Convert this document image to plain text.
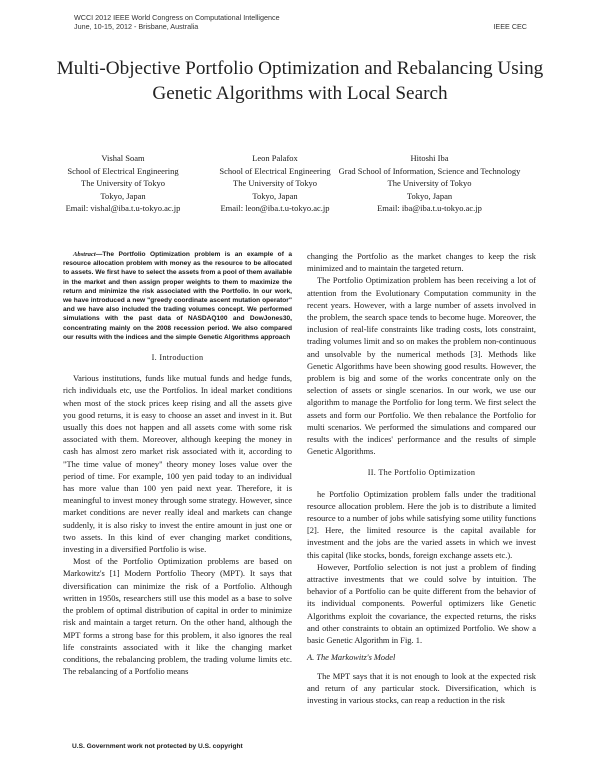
WCCI 2012 IEEE World Congress on Computational Intelligence
June, 10-15, 2012 - Brisbane, Australia	IEEE CEC
Multi-Objective Portfolio Optimization and Rebalancing Using Genetic Algorithms with Local Search
Vishal Soam
School of Electrical Engineering
The University of Tokyo
Tokyo, Japan
Email: vishal@iba.t.u-tokyo.ac.jp
Leon Palafox
School of Electrical Engineering
The University of Tokyo
Tokyo, Japan
Email: leon@iba.t.u-tokyo.ac.jp
Hitoshi Iba
Grad School of Information, Science and Technology
The University of Tokyo
Tokyo, Japan
Email: iba@iba.t.u-tokyo.ac.jp

Abstract—The Portfolio Optimization problem is an example of a resource allocation problem with money as the resource to be allocated to assets. We first have to select the assets from a pool of them available in the market and then assign proper weights to them to maximize the return and minimize the risk associated with the Portfolio. In our work, we have introduced a new "greedy coordinate ascent mutation operator" and we have also included the trading volumes concept. We performed simulations with the past data of NASDAQ100 and DowJones30, concentrating mainly on the 2008 recession period. We also compared our results with the indices and the simple Genetic Algorithms approach

I. Introduction

Various institutions, funds like mutual funds and hedge funds, rich individuals etc, use the Portfolios. In ideal market conditions when most of the stock prices keep rising and all the assets give you good returns, it is easy to choose an asset and invest in it. But usually this does not happen and all assets come with some risk associated with them. Moreover, although keeping the money in cash has almost zero market risk associated with it, according to "The time value of money" theory money loses value over the period of time. For example, 100 yen paid today to an individual has more value than 100 yen paid next year. Therefore, it is meaningful to invest money through some strategy. However, since market conditions are never really ideal and markets can change suddenly, it is also risky to invest the entire amount in just one or two assets. In this kind of ever changing market conditions, investing in a diversified Portfolio is wise.

Most of the Portfolio Optimization problems are based on Markowitz's [1] Modern Portfolio Theory (MPT). It says that diversification can minimize the risk of a Portfolio. Although written in 1950s, researchers still use this model as a base to solve the problem of optimal distribution of capital in order to minimize risk and maintain a target return. On the other hand, although the MPT forms a strong base for this problem, it also ignores the real life constraints associated with it like the changing market conditions, the rebalancing problem, the trading volume limits etc. The rebalancing of a Portfolio means

changing the Portfolio as the market changes to keep the risk minimized and to maintain the targeted return.

The Portfolio Optimization problem has been receiving a lot of attention from the Evolutionary Computation community in the recent years. However, with a large number of assets involved in the problem, the search space tends to become huge. Moreover, the inclusion of real-life constraints like trading costs, lots constraint, trading volumes limit and so on makes the problem non-continuous and unsolvable by the numerical methods [3]. Methods like Genetic Algorithms have been showing good results. However, the problem is big and some of the works concentrate only on the selection of assets or single scenarios. In our work, we use our algorithm to manage the Portfolio for long term. We first select the assets and form our Portfolio. We then rebalance the Portfolio for multi scenarios. We performed the simulations and compared our results with the indices' performance and the results of simple Genetic Algorithms.

II. The Portfolio Optimization

he Portfolio Optimization problem falls under the traditional resource allocation problem. Here the job is to distribute a limited resource to a number of jobs while satisfying some utility functions [2]. Here, the limited resource is the capital available for investment and the jobs are the varied assets in which we invest this capital (like stocks, bonds, foreign exchange assets etc.).

However, Portfolio selection is not just a problem of finding attractive investments that we could solve by intuition. The behavior of a Portfolio can be quite different from the behavior of its individual components. Powerful optimizers like Genetic Algorithms exploit the covariance, the expected returns, the risks and other constraints to obtain an optimized Portfolio. We show a basic Genetic Algorithm in Fig. 1.

A. The Markowitz's Model

The MPT says that it is not enough to look at the expected risk and return of any particular stock. Diversification, which is investing in various stocks, can reap a reduction in the risk

U.S. Government work not protected by U.S. copyright
